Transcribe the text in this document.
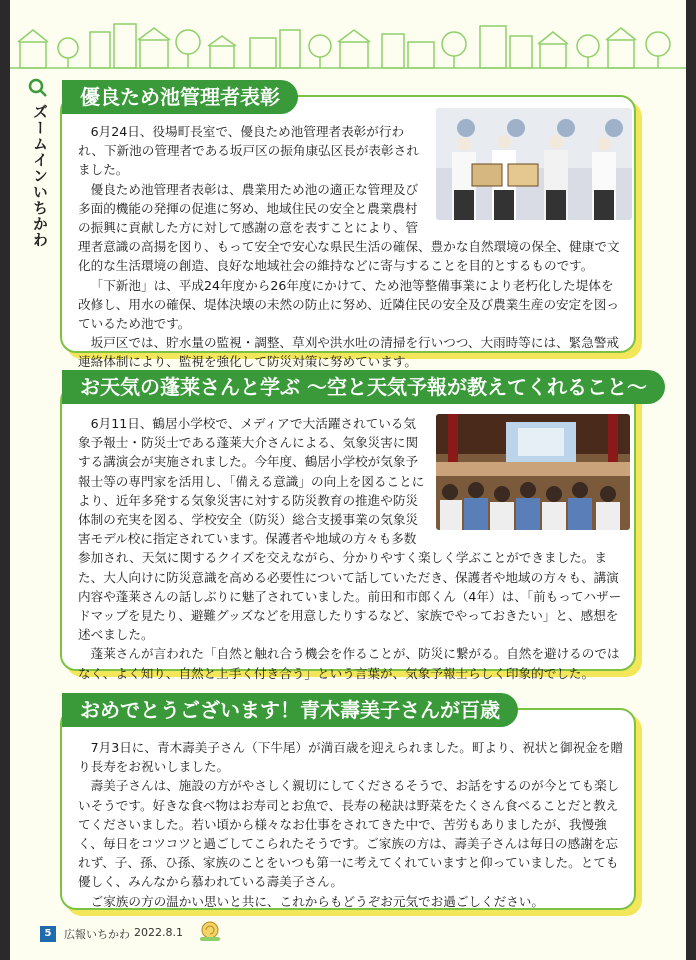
ズームインいちかわ
優良ため池管理者表彰

6月24日、役場町長室で、優良ため池管理者表彰が行われ、下新池の管理者である坂戸区の振角康弘区長が表彰されました。

優良ため池管理者表彰は、農業用ため池の適正な管理及び多面的機能の発揮の促進に努め、地域住民の安全と農業農村の振興に貢献した方に対して感謝の意を表すことにより、管理者意識の高揚を図り、もって安全で安心な県民生活の確保、豊かな自然環境の保全、健康で文化的な生活環境の創造、良好な地域社会の維持などに寄与することを目的とするものです。

「下新池」は、平成24年度から26年度にかけて、ため池等整備事業により老朽化した堤体を改修し、用水の確保、堤体決壊の未然の防止に努め、近隣住民の安全及び農業生産の安定を図っているため池です。

坂戸区では、貯水量の監視・調整、草刈や洪水吐の清掃を行いつつ、大雨時等には、緊急警戒連絡体制により、監視を強化して防災対策に努めています。

お天気の蓬莱さんと学ぶ ～空と天気予報が教えてくれること～

6月11日、鶴居小学校で、メディアで大活躍されている気象予報士・防災士である蓬莱大介さんによる、気象災害に関する講演会が実施されました。今年度、鶴居小学校が気象予報士等の専門家を活用し、「備える意識」の向上を図ることにより、近年多発する気象災害に対する防災教育の推進や防災体制の充実を図る、学校安全（防災）総合支援事業の気象災害モデル校に指定されています。保護者や地域の方々も多数参加され、天気に関するクイズを交えながら、分かりやすく楽しく学ぶことができました。また、大人向けに防災意識を高める必要性について話していただき、保護者や地域の方々も、講演内容や蓬莱さんの話しぶりに魅了されていました。前田和市郎くん（4年）は、「前もってハザードマップを見たり、避難グッズなどを用意したりするなど、家族でやっておきたい」と、感想を述べました。

蓬莱さんが言われた「自然と触れ合う機会を作ることが、防災に繋がる。自然を避けるのではなく、よく知り、自然と上手く付き合う」という言葉が、気象予報士らしく印象的でした。

おめでとうございます！青木壽美子さんが百歳

7月3日に、青木壽美子さん（下牛尾）が満百歳を迎えられました。町より、祝状と御祝金を贈り長寿をお祝いしました。

壽美子さんは、施設の方がやさしく親切にしてくださるそうで、お話をするのが今とても楽しいそうです。好きな食べ物はお寿司とお魚で、長寿の秘訣は野菜をたくさん食べることだと教えてくださいました。若い頃から様々なお仕事をされてきた中で、苦労もありましたが、我慢強く、毎日をコツコツと過ごしてこられたそうです。ご家族の方は、壽美子さんは毎日の感謝を忘れず、子、孫、ひ孫、家族のことをいつも第一に考えてくれていますと仰っていました。とても優しく、みんなから慕われている壽美子さん。

ご家族の方の温かい思いと共に、これからもどうぞお元気でお過ごしください。

5	広報いちかわ 2022.8.1
